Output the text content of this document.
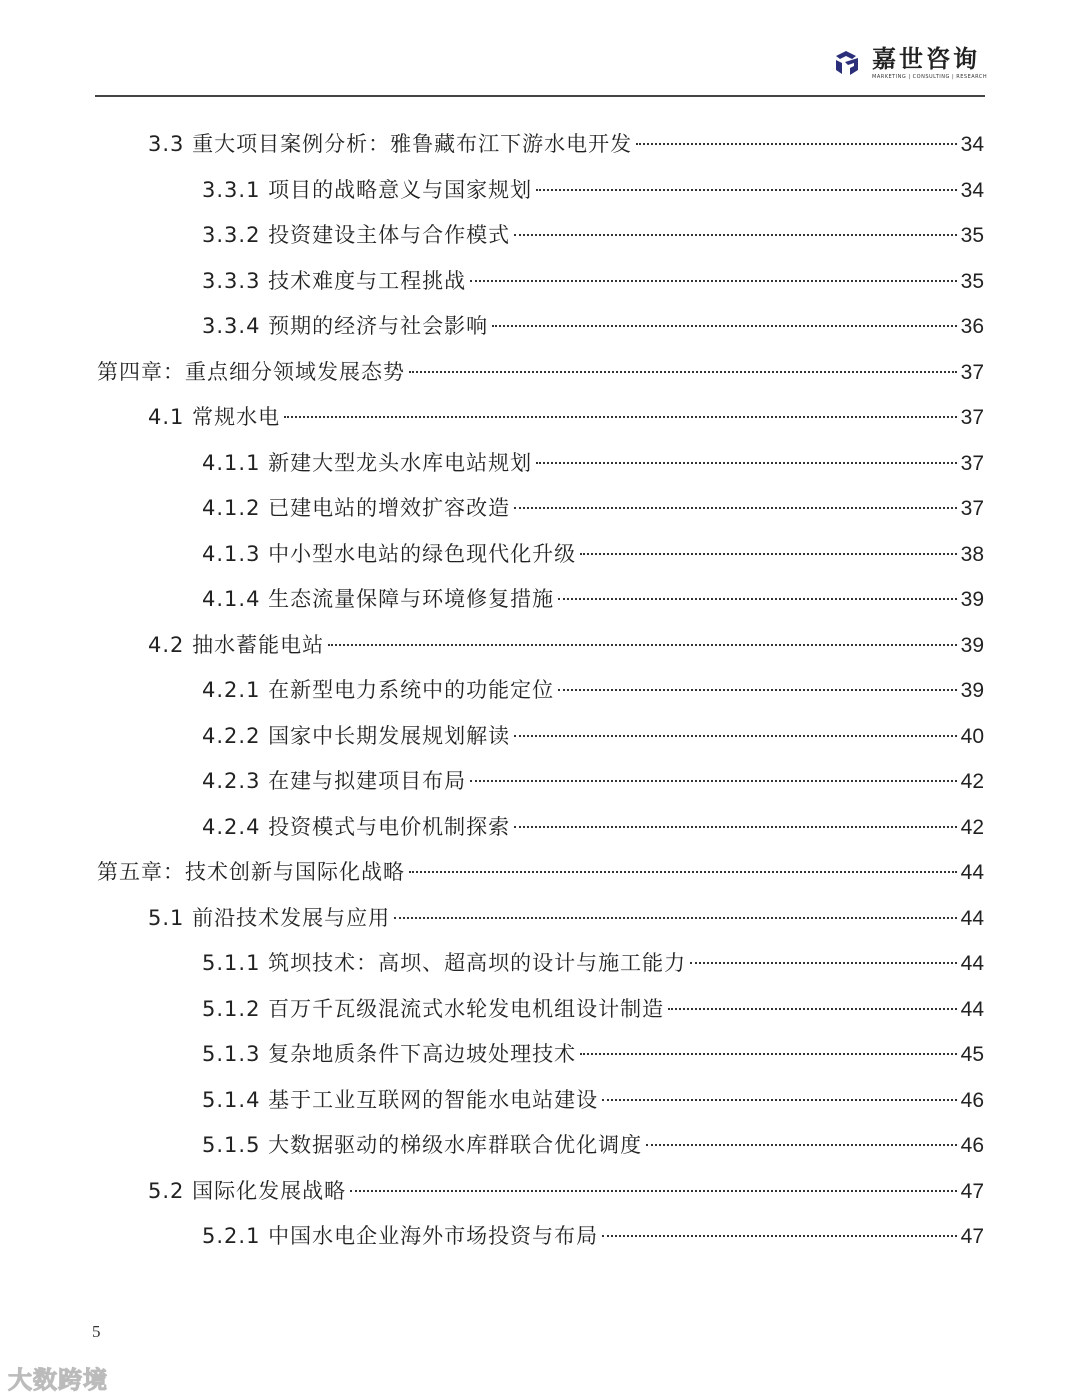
嘉世咨询
MARKETING | CONSULTING | RESEARCH
3.3 重大项目案例分析：雅鲁藏布江下游水电开发	34
3.3.1 项目的战略意义与国家规划	34
3.3.2 投资建设主体与合作模式	35
3.3.3 技术难度与工程挑战	35
3.3.4 预期的经济与社会影响	36
第四章：重点细分领域发展态势	37
4.1 常规水电	37
4.1.1 新建大型龙头水库电站规划	37
4.1.2 已建电站的增效扩容改造	37
4.1.3 中小型水电站的绿色现代化升级	38
4.1.4 生态流量保障与环境修复措施	39
4.2 抽水蓄能电站	39
4.2.1 在新型电力系统中的功能定位	39
4.2.2 国家中长期发展规划解读	40
4.2.3 在建与拟建项目布局	42
4.2.4 投资模式与电价机制探索	42
第五章：技术创新与国际化战略	44
5.1 前沿技术发展与应用	44
5.1.1 筑坝技术：高坝、超高坝的设计与施工能力	44
5.1.2 百万千瓦级混流式水轮发电机组设计制造	44
5.1.3 复杂地质条件下高边坡处理技术	45
5.1.4 基于工业互联网的智能水电站建设	46
5.1.5 大数据驱动的梯级水库群联合优化调度	46
5.2 国际化发展战略	47
5.2.1 中国水电企业海外市场投资与布局	47
5
大数跨境
